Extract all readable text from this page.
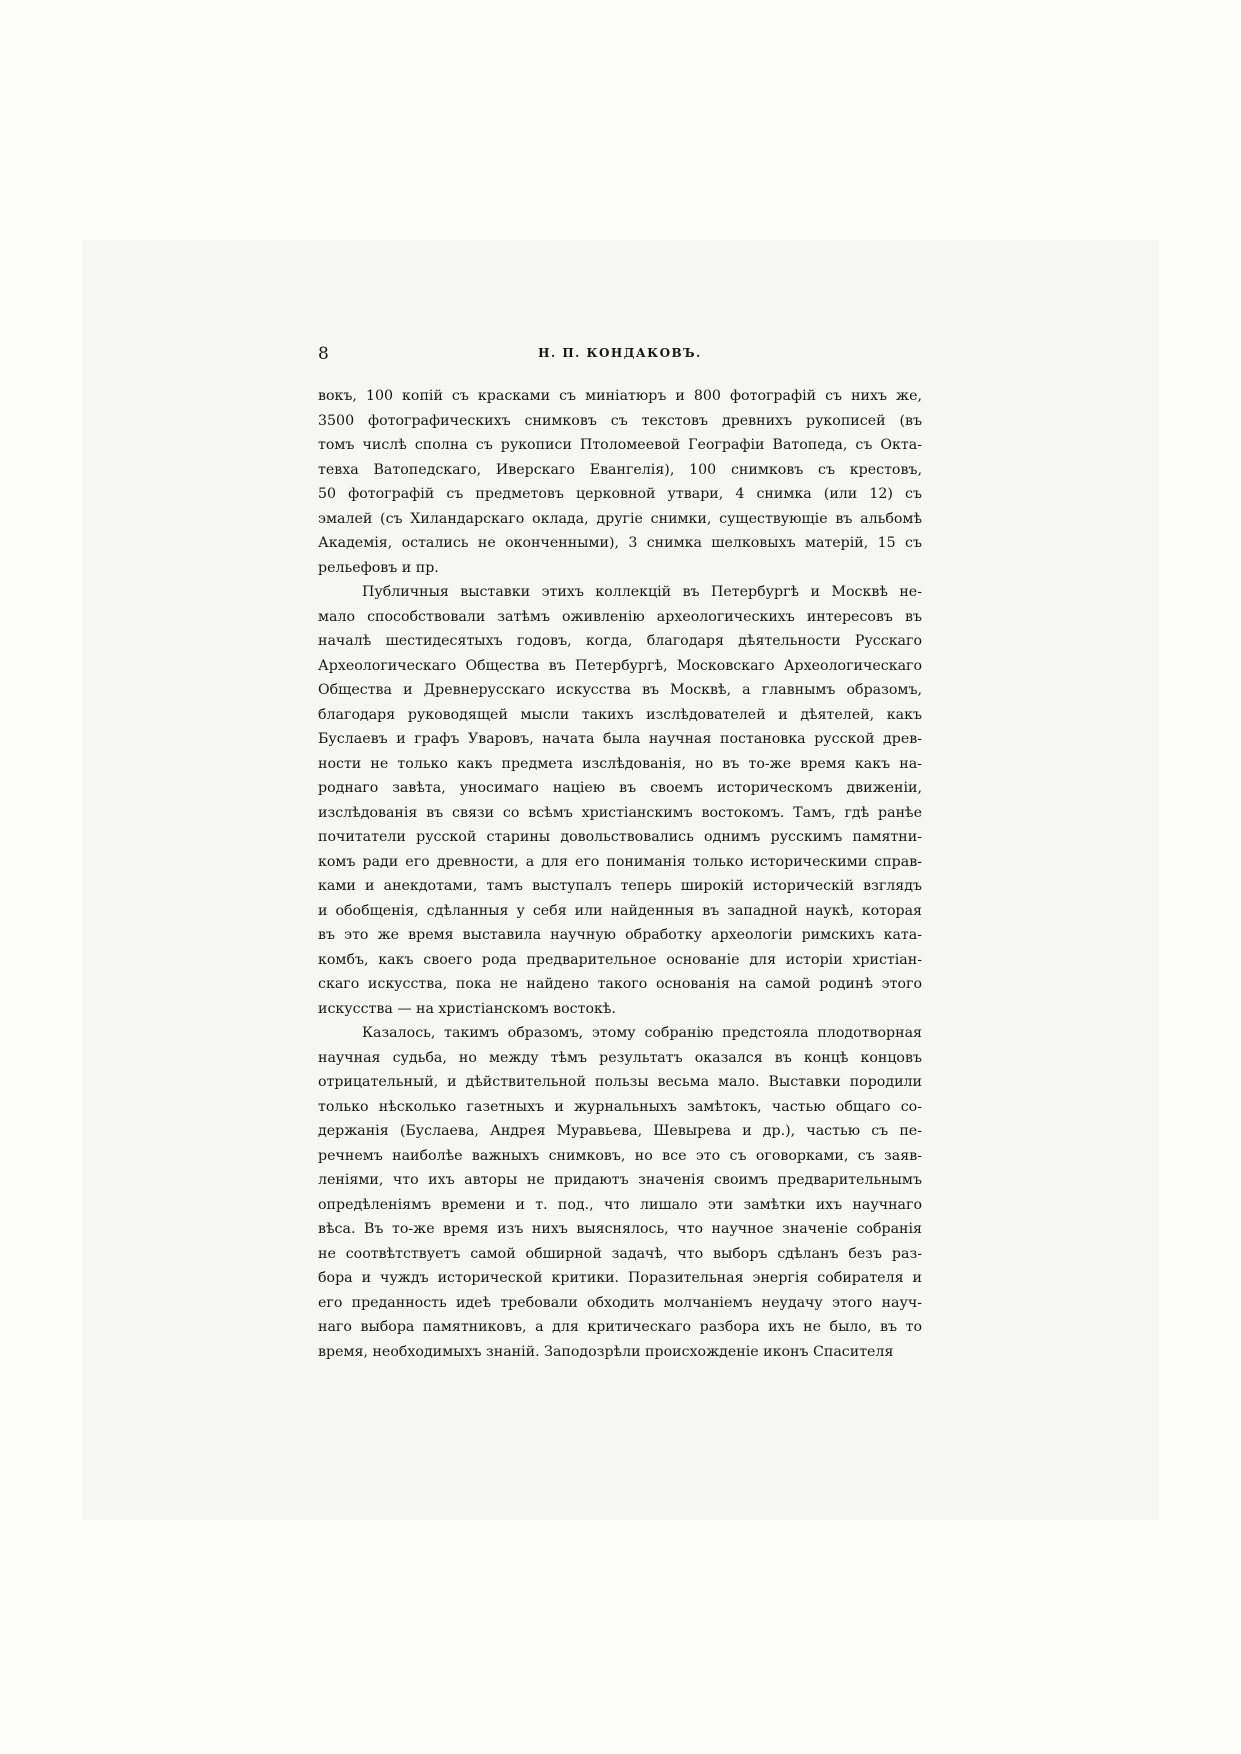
8	Н. П. КОНДАКОВЪ.
вокъ, 100 копій съ красками съ миніатюръ и 800 фотографій съ нихъ же,
3500 фотографическихъ снимковъ съ текстовъ древнихъ рукописей (въ
томъ числѣ сполна съ рукописи Птоломеевой Географіи Ватопеда, съ Окта-
тевха Ватопедскаго, Иверскаго Евангелія), 100 снимковъ съ крестовъ,
50 фотографій съ предметовъ церковной утвари, 4 снимка (или 12) съ
эмалей (съ Хиландарскаго оклада, другіе снимки, существующіе въ альбомѣ
Академія, остались не оконченными), 3 снимка шелковыхъ матерій, 15 съ
рельефовъ и пр.
Публичныя выставки этихъ коллекцій въ Петербургѣ и Москвѣ не-
мало способствовали затѣмъ оживленію археологическихъ интересовъ въ
началѣ шестидесятыхъ годовъ, когда, благодаря дѣятельности Русскаго
Археологическаго Общества въ Петербургѣ, Московскаго Археологическаго
Общества и Древнерусскаго искусства въ Москвѣ, а главнымъ образомъ,
благодаря руководящей мысли такихъ изслѣдователей и дѣятелей, какъ
Буслаевъ и графъ Уваровъ, начата была научная постановка русской древ-
ности не только какъ предмета изслѣдованія, но въ то-же время какъ на-
роднаго завѣта, уносимаго націею въ своемъ историческомъ движеніи,
изслѣдованія въ связи со всѣмъ христіанскимъ востокомъ. Тамъ, гдѣ ранѣе
почитатели русской старины довольствовались однимъ русскимъ памятни-
комъ ради его древности, а для его пониманія только историческими справ-
ками и анекдотами, тамъ выступалъ теперь широкій историческій взглядъ
и обобщенія, сдѣланныя у себя или найденныя въ западной наукѣ, которая
въ это же время выставила научную обработку археологіи римскихъ ката-
комбъ, какъ своего рода предварительное основаніе для исторіи христіан-
скаго искусства, пока не найдено такого основанія на самой родинѣ этого
искусства — на христіанскомъ востокѣ.
Казалось, такимъ образомъ, этому собранію предстояла плодотворная
научная судьба, но между тѣмъ результатъ оказался въ концѣ концовъ
отрицательный, и дѣйствительной пользы весьма мало. Выставки породили
только нѣсколько газетныхъ и журнальныхъ замѣтокъ, частью общаго со-
держанія (Буслаева, Андрея Муравьева, Шевырева и др.), частью съ пе-
речнемъ наиболѣе важныхъ снимковъ, но все это съ оговорками, съ заяв-
леніями, что ихъ авторы не придаютъ значенія своимъ предварительнымъ
опредѣленіямъ времени и т. под., что лишало эти замѣтки ихъ научнаго
вѣса. Въ то-же время изъ нихъ выяснялось, что научное значеніе собранія
не соотвѣтствуетъ самой обширной задачѣ, что выборъ сдѣланъ безъ раз-
бора и чуждъ исторической критики. Поразительная энергія собирателя и
его преданность идеѣ требовали обходить молчаніемъ неудачу этого науч-
наго выбора памятниковъ, а для критическаго разбора ихъ не было, въ то
время, необходимыхъ знаній. Заподозрѣли происхожденіе иконъ Спасителя
